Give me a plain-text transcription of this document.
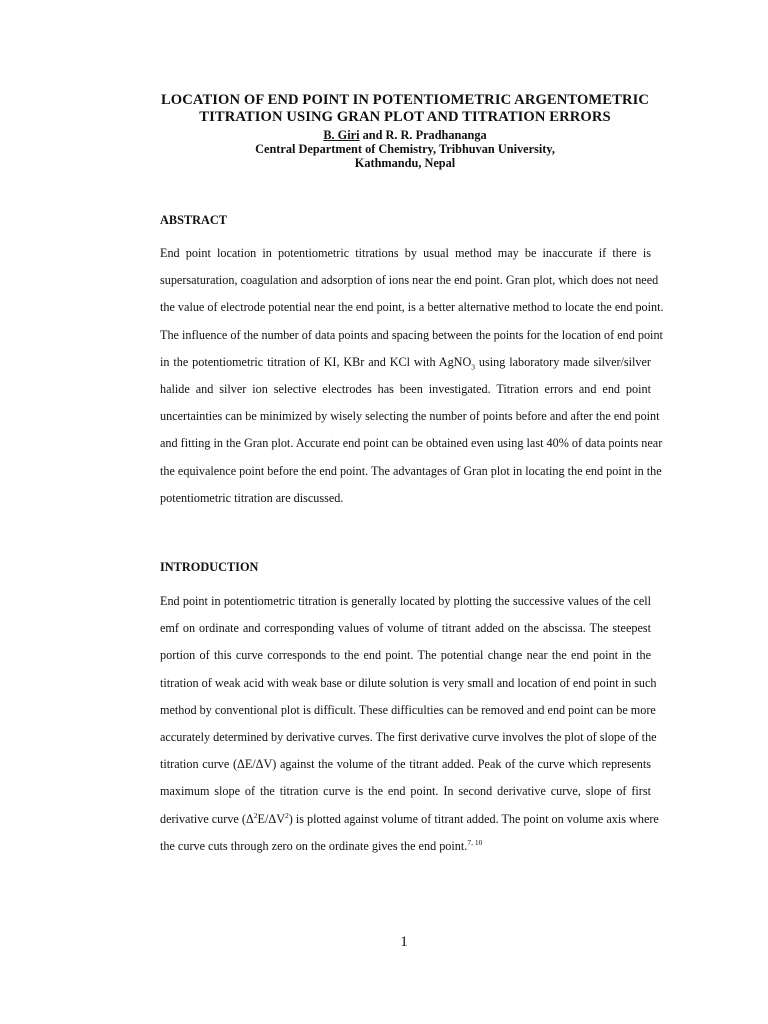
LOCATION OF END POINT IN POTENTIOMETRIC ARGENTOMETRIC
TITRATION USING GRAN PLOT AND TITRATION ERRORS
B. Giri and R. R. Pradhananga
Central Department of Chemistry, Tribhuvan University,
Kathmandu, Nepal
ABSTRACT
End point location in potentiometric titrations by usual method may be inaccurate if there is
supersaturation, coagulation and adsorption of ions near the end point. Gran plot, which does not need
the value of electrode potential near the end point, is a better alternative method to locate the end point.
The influence of the number of data points and spacing between the points for the location of end point
in the potentiometric titration of KI, KBr and KCl with AgNO$_3$ using laboratory made silver/silver
halide and silver ion selective electrodes has been investigated. Titration errors and end point
uncertainties can be minimized by wisely selecting the number of points before and after the end point
and fitting in the Gran plot. Accurate end point can be obtained even using last 40% of data points near
the equivalence point before the end point. The advantages of Gran plot in locating the end point in the
potentiometric titration are discussed.
INTRODUCTION
End point in potentiometric titration is generally located by plotting the successive values of the cell
emf on ordinate and corresponding values of volume of titrant added on the abscissa. The steepest
portion of this curve corresponds to the end point. The potential change near the end point in the
titration of weak acid with weak base or dilute solution is very small and location of end point in such
method by conventional plot is difficult. These difficulties can be removed and end point can be more
accurately determined by derivative curves. The first derivative curve involves the plot of slope of the
titration curve (ΔE/ΔV) against the volume of the titrant added. Peak of the curve which represents
maximum slope of the titration curve is the end point. In second derivative curve, slope of first
derivative curve $(\Delta^2E/\Delta V^2)$ is plotted against volume of titrant added. The point on volume axis where
the curve cuts through zero on the ordinate gives the end point.$^{7, 10}$
1
